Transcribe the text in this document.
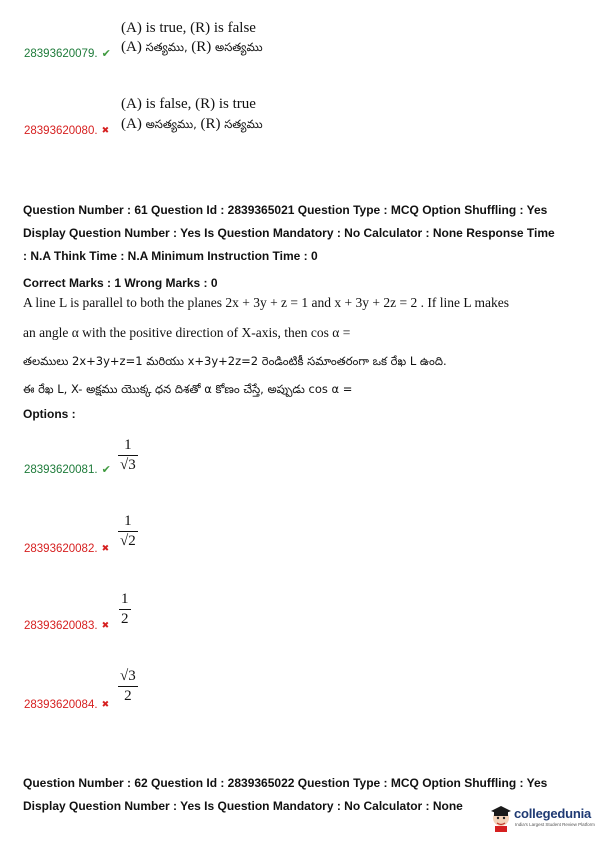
(A) is true, (R) is false
28393620079. ✔ (A) సత్యము, (R) అసత్యము
(A) is false, (R) is true
28393620080. ✖ (A) అసత్యము, (R) సత్యము
Question Number : 61 Question Id : 2839365021 Question Type : MCQ Option Shuffling : Yes
Display Question Number : Yes Is Question Mandatory : No Calculator : None Response Time
: N.A Think Time : N.A Minimum Instruction Time : 0
Correct Marks : 1 Wrong Marks : 0
A line L is parallel to both the planes 2x + 3y + z = 1 and x + 3y + 2z = 2 . If line L makes
an angle α with the positive direction of X-axis, then cos α =
తలములు 2x+3y+z=1 మరియు x+3y+2z=2 రెండింటికీ సమాంతరంగా ఒక రేఖ L ఉంది.
ఈ రేఖ L, X- అక్షము యొక్క ధన దిశతో α కోణం చేస్తే, అప్పుడు cos α =
Options :
28393620081. ✔ $\frac{1}{√3}$
28393620082. ✖ $\frac{1}{√2}$
28393620083. ✖ $\frac{1}{2}$
28393620084. ✖ $\frac{√3}{2}$
Question Number : 62 Question Id : 2839365022 Question Type : MCQ Option Shuffling : Yes
Display Question Number : Yes Is Question Mandatory : No Calculator : None	collegedunia
India's Largest Student Review Platform
